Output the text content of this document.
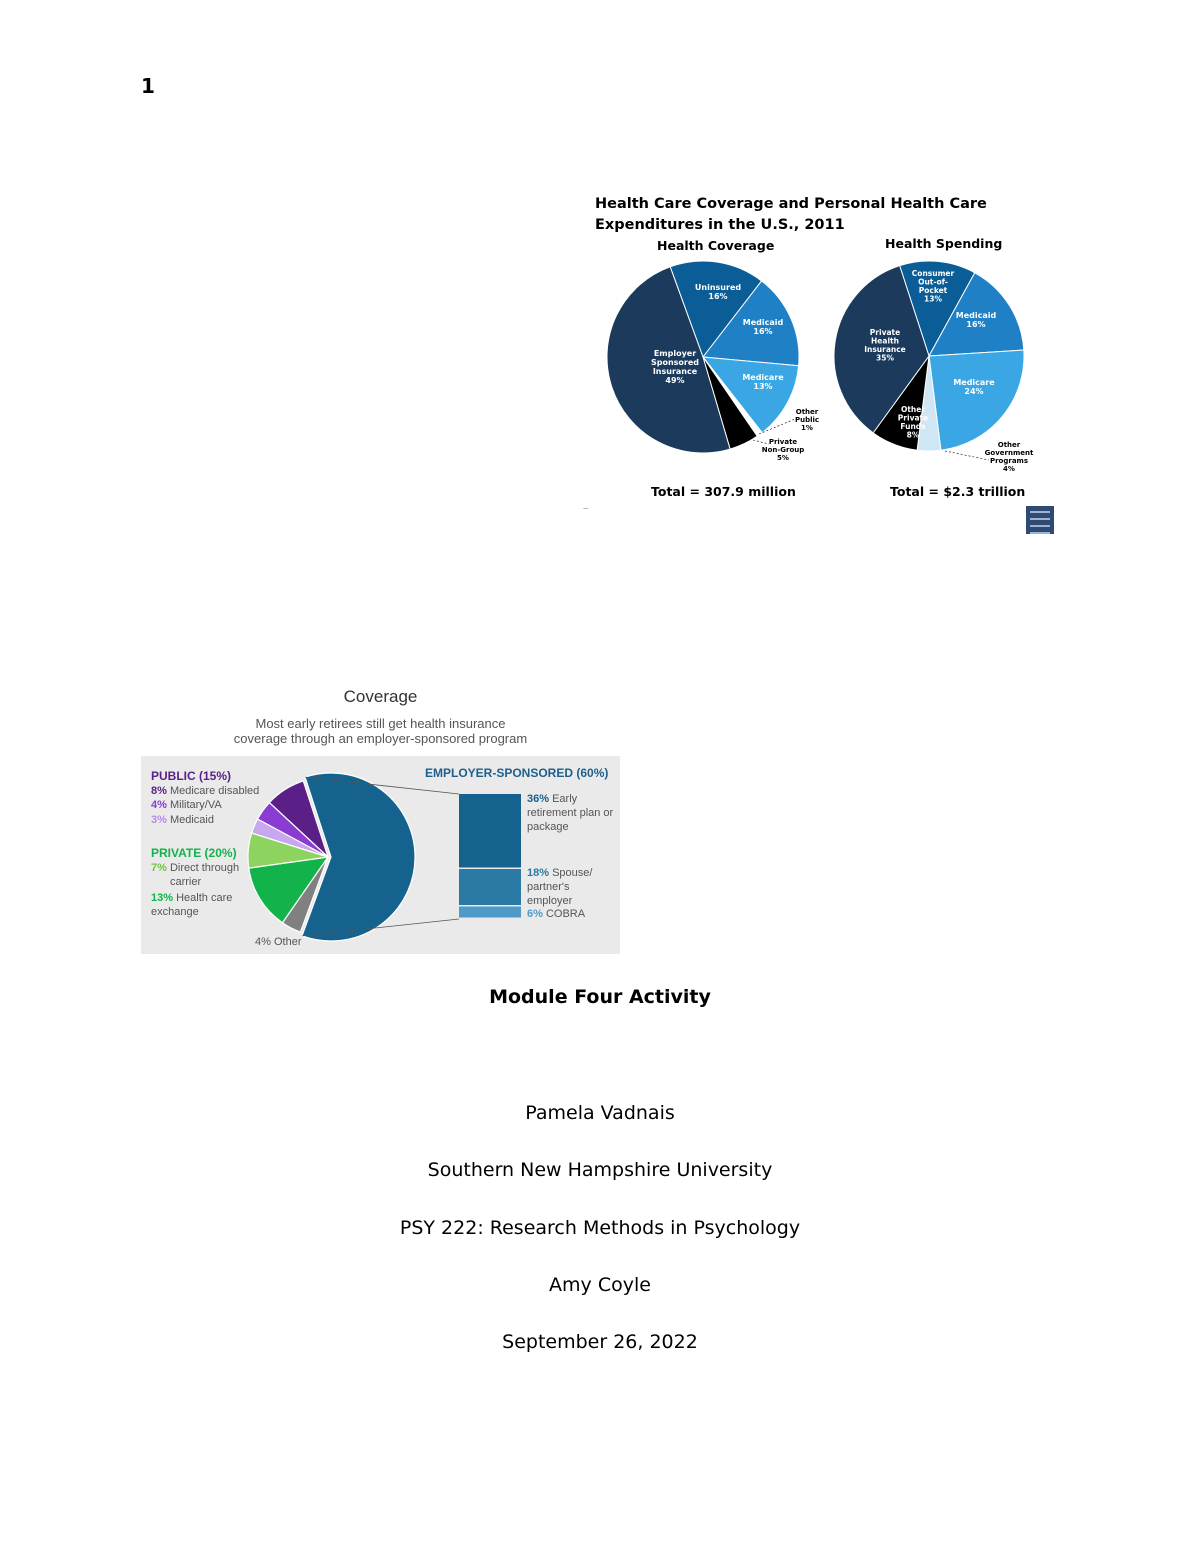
1
Health Care Coverage and Personal Health Care Expenditures in the U.S., 2011
Health Coverage	Health Spending
Uninsured 16%
Medicaid 16%
Medicare 13%
Employer Sponsored Insurance 49%
Other Public 1%
Private Non-Group 5%
Consumer Out-of-Pocket 13%
Medicaid 16%
Medicare 24%
Private Health Insurance 35%
Other Private Funds 8%
Other Government Programs 4%
Total = 307.9 million	Total = $2.3 trillion
—
Coverage
Most early retirees still get health insurance coverage through an employer-sponsored program
PUBLIC (15%)
8% Medicare disabled
4% Military/VA
3% Medicaid
PRIVATE (20%)
7% Direct through carrier
13% Health care exchange
4% Other
EMPLOYER-SPONSORED (60%)
36% Early retirement plan or package
18% Spouse/ partner's employer
6% COBRA
Module Four Activity
Pamela Vadnais
Southern New Hampshire University
PSY 222: Research Methods in Psychology
Amy Coyle
September 26, 2022
